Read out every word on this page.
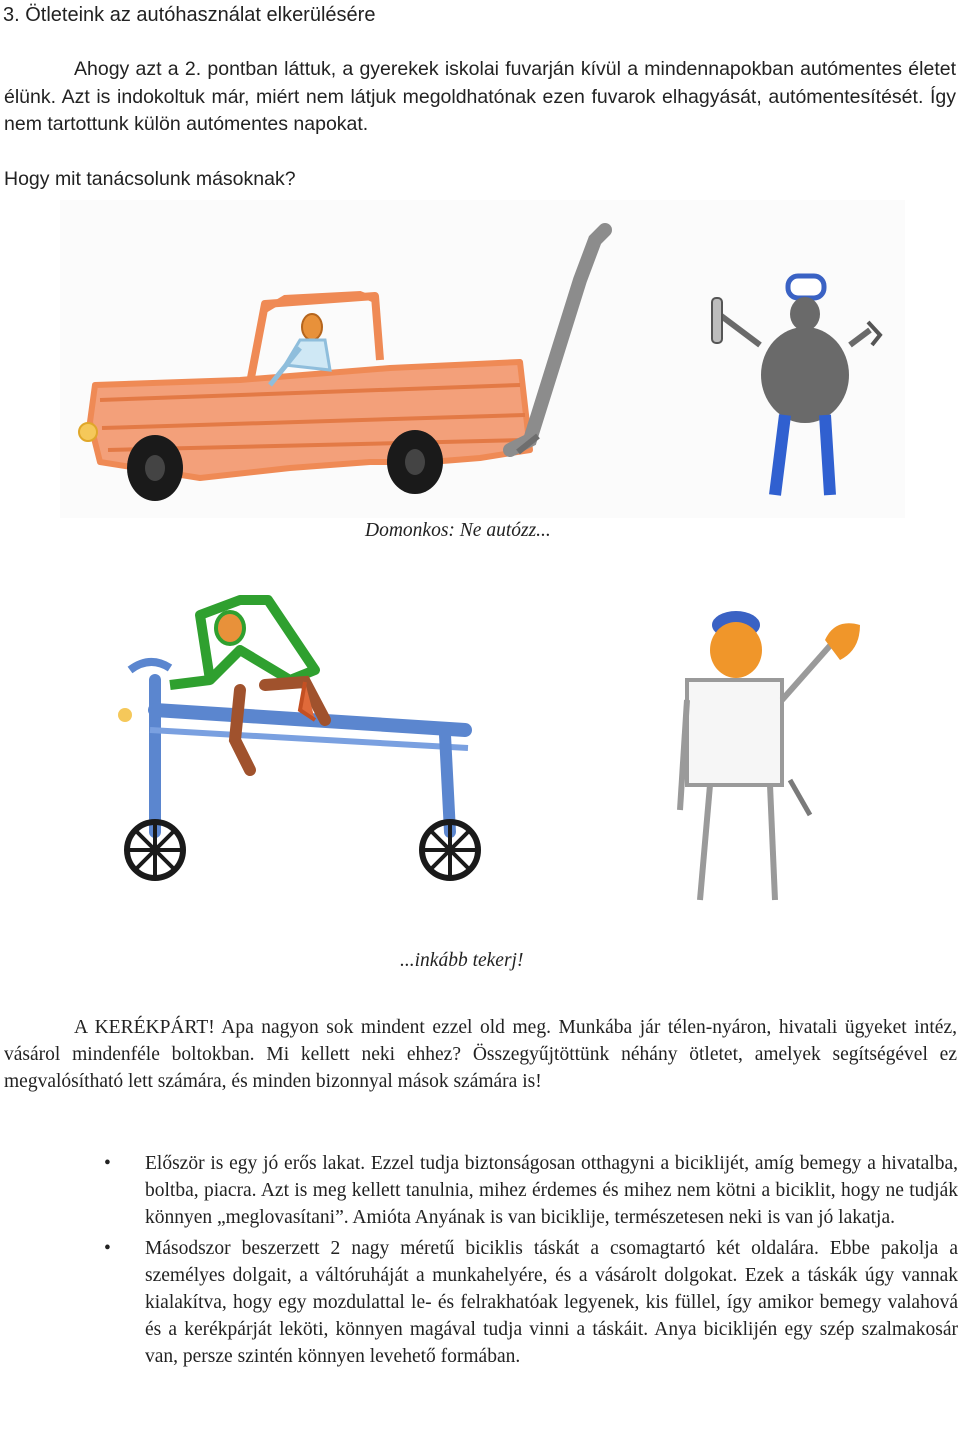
3. Ötleteink az autóhasználat elkerülésére

Ahogy azt a 2. pontban láttuk, a gyerekek iskolai fuvarján kívül a mindennapokban autómentes életet élünk. Azt is indokoltuk már, miért nem látjuk megoldhatónak ezen fuvarok elhagyását, autómentesítését. Így nem tartottunk külön autómentes napokat.

Hogy mit tanácsolunk másoknak?
Domonkos: Ne autózz...
...inkább tekerj!

A KERÉKPÁRT! Apa nagyon sok mindent ezzel old meg. Munkába jár télen-nyáron, hivatali ügyeket intéz, vásárol mindenféle boltokban. Mi kellett neki ehhez? Összegyűjtöttünk néhány ötletet, amelyek segítségével ez megvalósítható lett számára, és minden bizonnyal mások számára is!

• Először is egy jó erős lakat. Ezzel tudja biztonságosan otthagyni a biciklijét, amíg bemegy a hivatalba, boltba, piacra. Azt is meg kellett tanulnia, mihez érdemes és mihez nem kötni a biciklit, hogy ne tudják könnyen „meglovasítani”. Amióta Anyának is van biciklije, természetesen neki is van jó lakatja.
• Másodszor beszerzett 2 nagy méretű biciklis táskát a csomagtartó két oldalára. Ebbe pakolja a személyes dolgait, a váltóruháját a munkahelyére, és a vásárolt dolgokat. Ezek a táskák úgy vannak kialakítva, hogy egy mozdulattal le- és felrakhatóak legyenek, kis füllel, így amikor bemegy valahová és a kerékpárját leköti, könnyen magával tudja vinni a táskáit. Anya biciklijén egy szép szalmakosár van, persze szintén könnyen levehető formában.
